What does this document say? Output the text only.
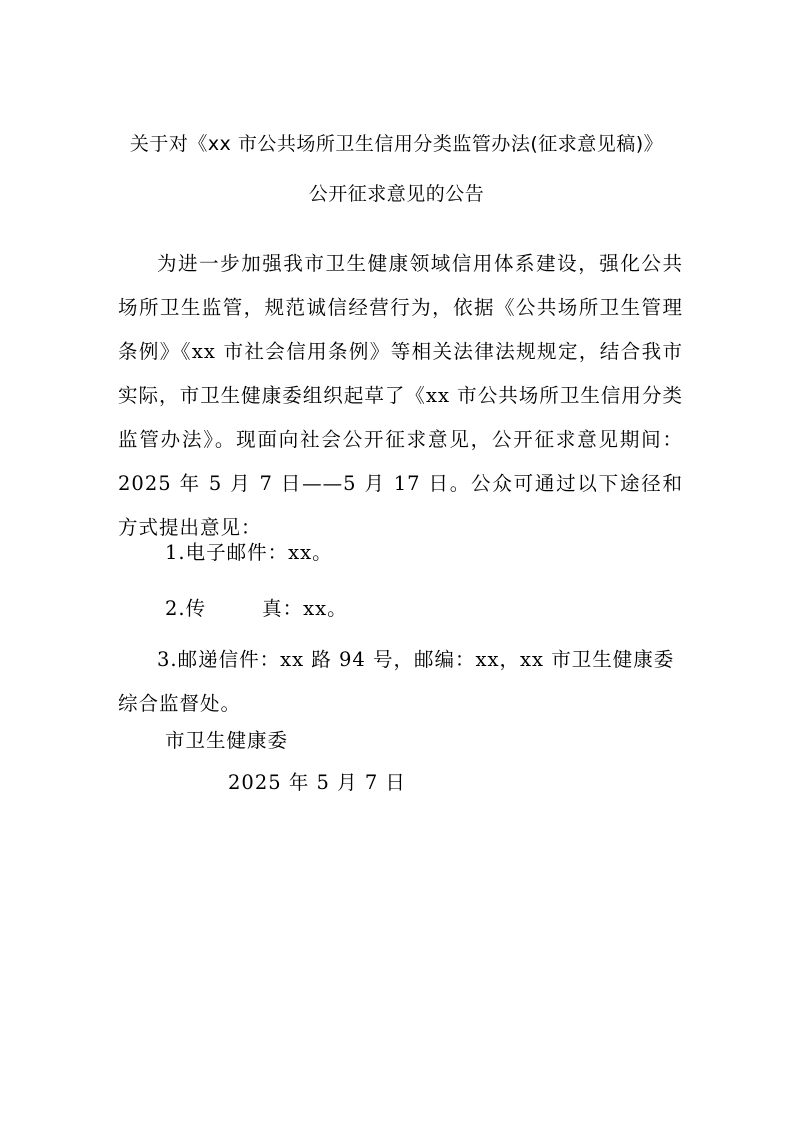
关于对《xx 市公共场所卫生信用分类监管办法(征求意见稿)》
公开征求意见的公告

为进一步加强我市卫生健康领域信用体系建设，强化公共场所卫生监管，规范诚信经营行为，依据《公共场所卫生管理条例》《xx 市社会信用条例》等相关法律法规规定，结合我市实际，市卫生健康委组织起草了《xx 市公共场所卫生信用分类监管办法》。现面向社会公开征求意见，公开征求意见期间：2025 年 5 月 7 日——5 月 17 日。公众可通过以下途径和方式提出意见：

1.电子邮件：xx。
2.传	真：xx。

3.邮递信件：xx 路 94 号，邮编：xx，xx 市卫生健康委综合监督处。

市卫生健康委
2025 年 5 月 7 日
